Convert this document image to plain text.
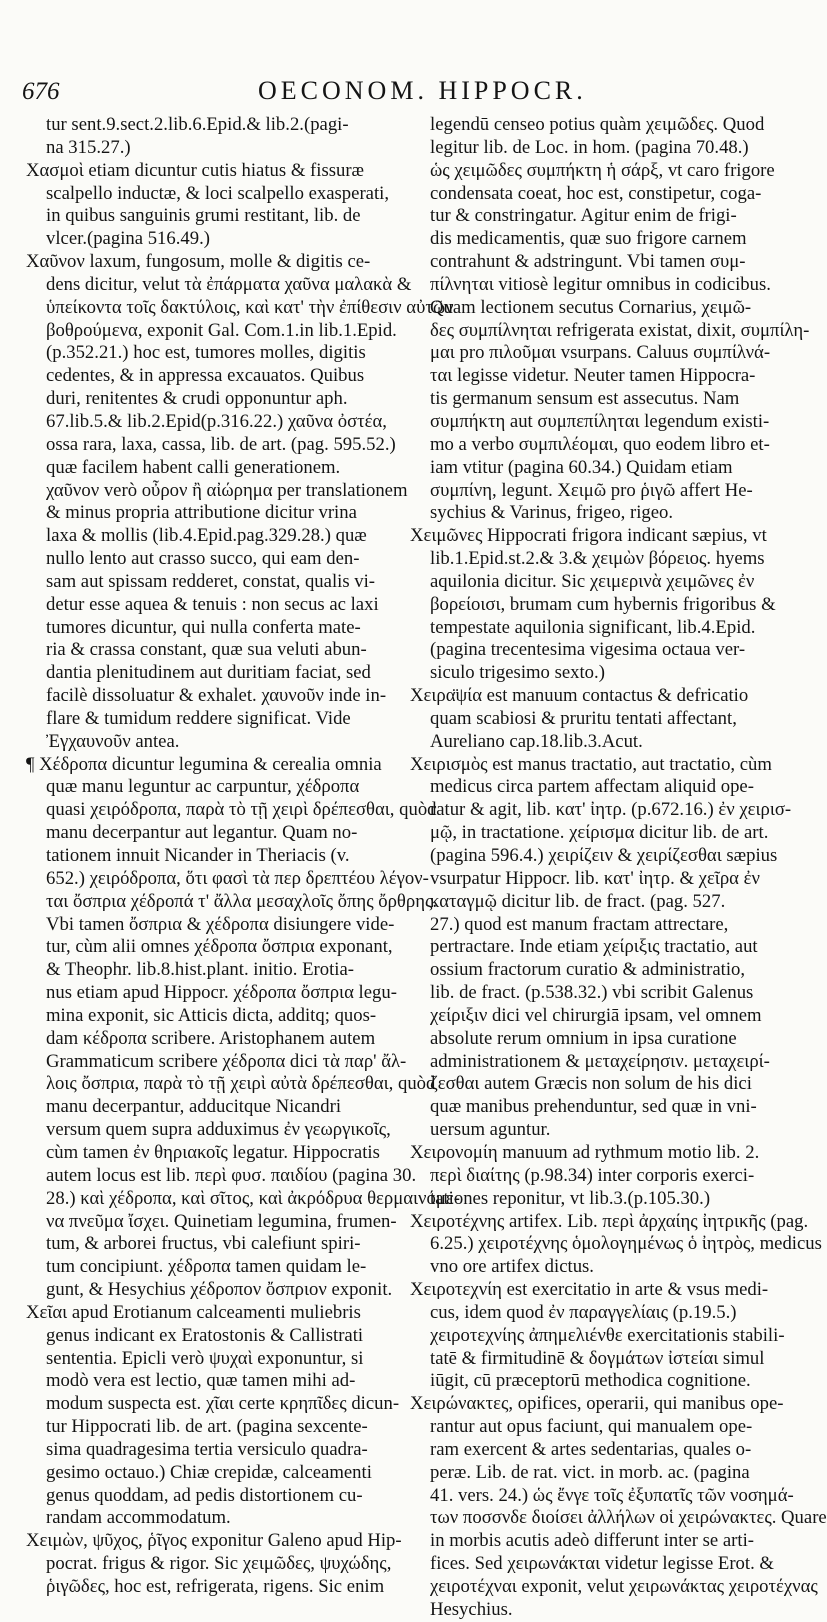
676	OECONOM. HIPPOCR.
tur sent.9.sect.2.lib.6.Epid.& lib.2.(pagi-
na 315.27.)
Χασμοὶ etiam dicuntur cutis hiatus & fissuræ
scalpello inductæ, & loci scalpello exasperati,
in quibus sanguinis grumi restitant, lib. de
vlcer.(pagina 516.49.)
Χαῦνον laxum, fungosum, molle & digitis ce-
dens dicitur, velut τὰ ἐπάρματα χαῦνα μαλακὰ &
ὑπείκοντα τοῖς δακτύλοις, καὶ κατ' τὴν ἐπίθεσιν αὐτῶν
βοθρούμενα, exponit Gal. Com.1.in lib.1.Epid.
(p.352.21.) hoc est, tumores molles, digitis
cedentes, & in appressa excauatos. Quibus
duri, renitentes & crudi opponuntur aph.
67.lib.5.& lib.2.Epid(p.316.22.) χαῦνα ὀστέα,
ossa rara, laxa, cassa, lib. de art. (pag. 595.52.)
quæ facilem habent calli generationem.
χαῦνον verò οὖρον ἢ αἰώρημα per translationem
& minus propria attributione dicitur vrina
laxa & mollis (lib.4.Epid.pag.329.28.) quæ
nullo lento aut crasso succo, qui eam den-
sam aut spissam redderet, constat, qualis vi-
detur esse aquea & tenuis : non secus ac laxi
tumores dicuntur, qui nulla conferta mate-
ria & crassa constant, quæ sua veluti abun-
dantia plenitudinem aut duritiam faciat, sed
facilè dissoluatur & exhalet. χαυνοῦν inde in-
flare & tumidum reddere significat. Vide
Ἐγχαυνοῦν antea.
¶ Χέδροπα dicuntur legumina & cerealia omnia
quæ manu leguntur ac carpuntur, χέδροπα
quasi χειρόδροπα, παρὰ τὸ τῇ χειρὶ δρέπεσθαι, quòd
manu decerpantur aut legantur. Quam no-
tationem innuit Nicander in Theriacis (v.
652.) χειρόδροπα, ὅτι φασὶ τὰ περ δρεπτέου λέγον-
ται ὄσπρια χέδροπά τ' ἄλλα μεσαχλοῖς ὄπης ὄρθρης.
Vbi tamen ὄσπρια & χέδροπα disiungere vide-
tur, cùm alii omnes χέδροπα ὄσπρια exponant,
& Theophr. lib.8.hist.plant. initio. Erotia-
nus etiam apud Hippocr. χέδροπα ὄσπρια legu-
mina exponit, sic Atticis dicta, additq; quos-
dam κέδροπα scribere. Aristophanem autem
Grammaticum scribere χέδροπα dici τὰ παρ' ἄλ-
λοις ὄσπρια, παρὰ τὸ τῇ χειρὶ αὐτὰ δρέπεσθαι, quòd
manu decerpantur, adducitque Nicandri
versum quem supra adduximus ἐν γεωργικοῖς,
cùm tamen ἐν θηριακοῖς legatur. Hippocratis
autem locus est lib. περὶ φυσ. παιδίου (pagina 30.
28.) καὶ χέδροπα, καὶ σῖτος, καὶ ἀκρόδρυα θερμαινόμε-
να πνεῦμα ἴσχει. Quinetiam legumina, frumen-
tum, & arborei fructus, vbi calefiunt spiri-
tum concipiunt. χέδροπα tamen quidam le-
gunt, & Hesychius χέδροπον ὄσπριον exponit.
Χεῖαι apud Erotianum calceamenti muliebris
genus indicant ex Eratostonis & Callistrati
sententia. Epicli verò ψυχαὶ exponuntur, si
modò vera est lectio, quæ tamen mihi ad-
modum suspecta est. χῖαι certe κρηπῖδες dicun-
tur Hippocrati lib. de art. (pagina sexcente-
sima quadragesima tertia versiculo quadra-
gesimo octauo.) Chiæ crepidæ, calceamenti
genus quoddam, ad pedis distortionem cu-
randam accommodatum.
Χειμὼν, ψῦχος, ῥῖγος exponitur Galeno apud Hip-
pocrat. frigus & rigor. Sic χειμῶδες, ψυχώδης,
ῥιγῶδες, hoc est, refrigerata, rigens. Sic enim
legendū censeo potius quàm χειμῶδες. Quod
legitur lib. de Loc. in hom. (pagina 70.48.)
ὡς χειμῶδες συμπήκτη ἡ σάρξ, vt caro frigore
condensata coeat, hoc est, constipetur, coga-
tur & constringatur. Agitur enim de frigi-
dis medicamentis, quæ suo frigore carnem
contrahunt & adstringunt. Vbi tamen συμ-
πίλνηται vitiosè legitur omnibus in codicibus.
Quam lectionem secutus Cornarius, χειμῶ-
δες συμπίλνηται refrigerata existat, dixit, συμπίλη-
μαι pro πιλοῦμαι vsurpans. Caluus συμπίλνά-
ται legisse videtur. Neuter tamen Hippocra-
tis germanum sensum est assecutus. Nam
συμπήκτη aut συμπεπίληται legendum existi-
mo a verbo συμπιλέομαι, quo eodem libro et-
iam vtitur (pagina 60.34.) Quidam etiam
συμπίνη, legunt. Χειμῶ pro ῥιγῶ affert He-
sychius & Varinus, frigeo, rigeo.
Χειμῶνες Hippocrati frigora indicant sæpius, vt
lib.1.Epid.st.2.& 3.& χειμὼν βόρειος. hyems
aquilonia dicitur. Sic χειμερινὰ χειμῶνες ἐν
βορείοισι, brumam cum hybernis frigoribus &
tempestate aquilonia significant, lib.4.Epid.
(pagina trecentesima vigesima octaua ver-
siculo trigesimo sexto.)
Χειρα̈ψία est manuum contactus & defricatio
quam scabiosi & pruritu tentati affectant,
Aureliano cap.18.lib.3.Acut.
Χειρισμὸς est manus tractatio, aut tractatio, cùm
medicus circa partem affectam aliquid ope-
ratur & agit, lib. κατ' ἰητρ. (p.672.16.) ἐν χειρισ-
μῷ, in tractatione. χείρισμα dicitur lib. de art.
(pagina 596.4.) χειρίζειν & χειρίζεσθαι sæpius
vsurpatur Hippocr. lib. κατ' ἰητρ. & χεῖρα ἐν
καταγμῷ dicitur lib. de fract. (pag. 527.
27.) quod est manum fractam attrectare,
pertractare. Inde etiam χείριξις tractatio, aut
ossium fractorum curatio & administratio,
lib. de fract. (p.538.32.) vbi scribit Galenus
χείριξιν dici vel chirurgiā ipsam, vel omnem
absolute rerum omnium in ipsa curatione
administrationem & μεταχείρησιν. μεταχειρί-
ζεσθαι autem Græcis non solum de his dici
quæ manibus prehenduntur, sed quæ in vni-
uersum aguntur.
Χειρονομίη manuum ad rythmum motio lib. 2.
περὶ διαίτης (p.98.34) inter corporis exerci-
tationes reponitur, vt lib.3.(p.105.30.)
Χειροτέχνης artifex. Lib. περὶ ἀρχαίης ἰητρικῆς (pag.
6.25.) χειροτέχνης ὁμολογημένως ὁ ἰητρὸς, medicus
vno ore artifex dictus.
Χειροτεχνίη est exercitatio in arte & vsus medi-
cus, idem quod ἐν παραγγελίαις (p.19.5.)
χειροτεχνίης ἀπημελιένθε exercitationis stabili-
tatē & firmitudinē & δογμάτων ἰστείαι simul
iūgit, cū præceptorū methodica cognitione.
Χειρώνακτες, opifices, operarii, qui manibus ope-
rantur aut opus faciunt, qui manualem ope-
ram exercent & artes sedentarias, quales o-
peræ. Lib. de rat. vict. in morb. ac. (pagina
41. vers. 24.) ὡς ἔνγε τοῖς ἐξυπατῖς τῶν νοσημά-
των ποσσνδε διοίσει ἀλλήλων οἱ χειρώνακτες. Quare
in morbis acutis adeò differunt inter se arti-
fices. Sed χειρωνάκται videtur legisse Erot. &
χειροτέχναι exponit, velut χειρωνάκτας χειροτέχνας
Hesychius.
